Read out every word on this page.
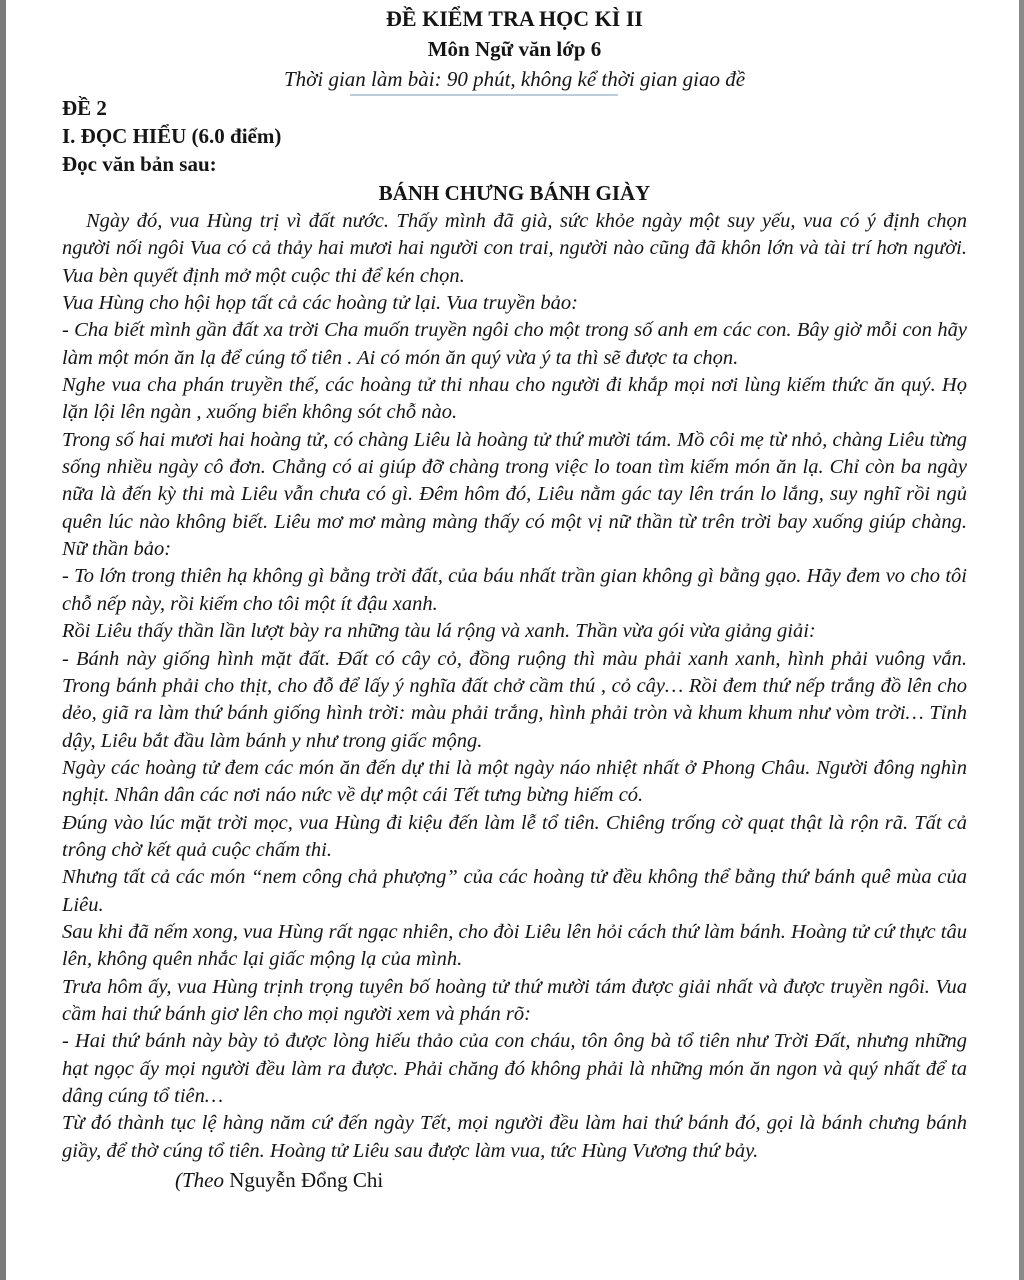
ĐỀ KIỂM TRA HỌC KÌ II
Môn Ngữ văn lớp 6
Thời gian làm bài: 90 phút, không kể thời gian giao đề
ĐỀ 2
I. ĐỌC HIỂU (6.0 điểm)
Đọc văn bản sau:
BÁNH CHƯNG BÁNH GIÀY

Ngày đó, vua Hùng trị vì đất nước. Thấy mình đã già, sức khỏe ngày một suy yếu, vua có ý định chọn người nối ngôi Vua có cả thảy hai mươi hai người con trai, người nào cũng đã khôn lớn và tài trí hơn người. Vua bèn quyết định mở một cuộc thi để kén chọn.

Vua Hùng cho hội họp tất cả các hoàng tử lại. Vua truyền bảo:

- Cha biết mình gần đất xa trời Cha muốn truyền ngôi cho một trong số anh em các con. Bây giờ mỗi con hãy làm một món ăn lạ để cúng tổ tiên . Ai có món ăn quý vừa ý ta thì sẽ được ta chọn.

Nghe vua cha phán truyền thế, các hoàng tử thi nhau cho người đi khắp mọi nơi lùng kiếm thức ăn quý. Họ lặn lội lên ngàn , xuống biển không sót chỗ nào.

Trong số hai mươi hai hoàng tử, có chàng Liêu là hoàng tử thứ mười tám. Mồ côi mẹ từ nhỏ, chàng Liêu từng sống nhiều ngày cô đơn. Chẳng có ai giúp đỡ chàng trong việc lo toan tìm kiếm món ăn lạ. Chỉ còn ba ngày nữa là đến kỳ thi mà Liêu vẫn chưa có gì. Đêm hôm đó, Liêu nằm gác tay lên trán lo lắng, suy nghĩ rồi ngủ quên lúc nào không biết. Liêu mơ mơ màng màng thấy có một vị nữ thần từ trên trời bay xuống giúp chàng. Nữ thần bảo:

- To lớn trong thiên hạ không gì bằng trời đất, của báu nhất trần gian không gì bằng gạo. Hãy đem vo cho tôi chỗ nếp này, rồi kiếm cho tôi một ít đậu xanh.

Rồi Liêu thấy thần lần lượt bày ra những tàu lá rộng và xanh. Thần vừa gói vừa giảng giải:

- Bánh này giống hình mặt đất. Đất có cây cỏ, đồng ruộng thì màu phải xanh xanh, hình phải vuông vắn. Trong bánh phải cho thịt, cho đỗ để lấy ý nghĩa đất chở cầm thú , cỏ cây… Rồi đem thứ nếp trắng đồ lên cho dẻo, giã ra làm thứ bánh giống hình trời: màu phải trắng, hình phải tròn và khum khum như vòm trời… Tỉnh dậy, Liêu bắt đầu làm bánh y như trong giấc mộng.

Ngày các hoàng tử đem các món ăn đến dự thi là một ngày náo nhiệt nhất ở Phong Châu. Người đông nghìn nghịt. Nhân dân các nơi náo nức về dự một cái Tết tưng bừng hiếm có.

Đúng vào lúc mặt trời mọc, vua Hùng đi kiệu đến làm lễ tổ tiên. Chiêng trống cờ quạt thật là rộn rã. Tất cả trông chờ kết quả cuộc chấm thi.

Nhưng tất cả các món “nem công chả phượng” của các hoàng tử đều không thể bằng thứ bánh quê mùa của Liêu.

Sau khi đã nếm xong, vua Hùng rất ngạc nhiên, cho đòi Liêu lên hỏi cách thứ làm bánh. Hoàng tử cứ thực tâu lên, không quên nhắc lại giấc mộng lạ của mình.

Trưa hôm ấy, vua Hùng trịnh trọng tuyên bố hoàng tử thứ mười tám được giải nhất và được truyền ngôi. Vua cầm hai thứ bánh giơ lên cho mọi người xem và phán rõ:

- Hai thứ bánh này bày tỏ được lòng hiếu thảo của con cháu, tôn ông bà tổ tiên như Trời Đất, nhưng những hạt ngọc ấy mọi người đều làm ra được. Phải chăng đó không phải là những món ăn ngon và quý nhất để ta dâng cúng tổ tiên…

Từ đó thành tục lệ hàng năm cứ đến ngày Tết, mọi người đều làm hai thứ bánh đó, gọi là bánh chưng bánh giầy, để thờ cúng tổ tiên. Hoàng tử Liêu sau được làm vua, tức Hùng Vương thứ bảy.

(Theo Nguyễn Đổng Chi
